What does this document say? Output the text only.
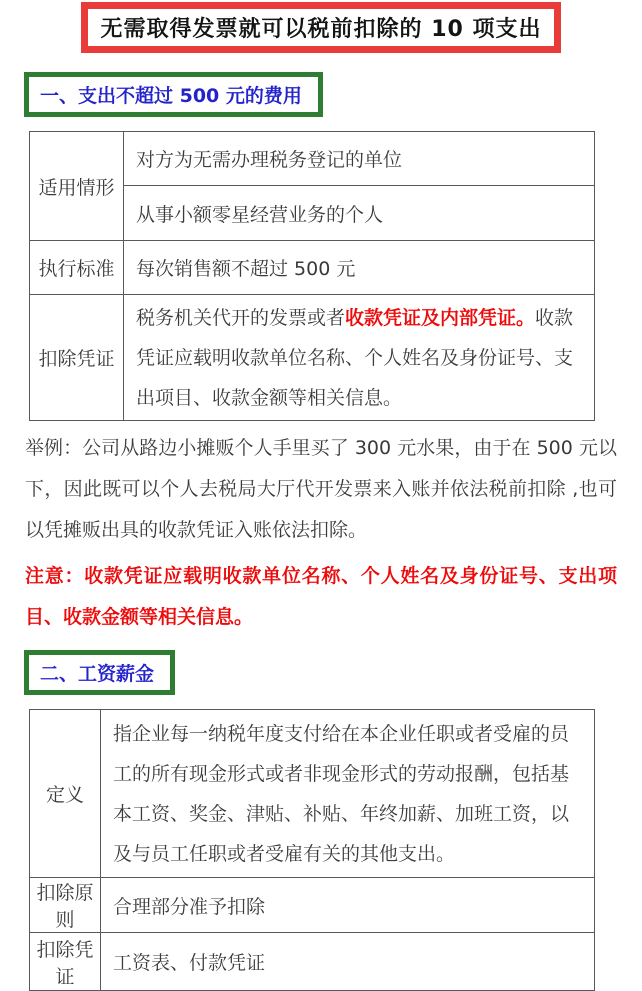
无需取得发票就可以税前扣除的 10 项支出
一、支出不超过 500 元的费用
适用情形	对方为无需办理税务登记的单位
	从事小额零星经营业务的个人
执行标准	每次销售额不超过 500 元
扣除凭证	税务机关代开的发票或者收款凭证及内部凭证。收款凭证应载明收款单位名称、个人姓名及身份证号、支出项目、收款金额等相关信息。

举例：公司从路边小摊贩个人手里买了 300 元水果，由于在 500 元以下，因此既可以个人去税局大厅代开发票来入账并依法税前扣除 ,也可以凭摊贩出具的收款凭证入账依法扣除。

注意：收款凭证应载明收款单位名称、个人姓名及身份证号、支出项目、收款金额等相关信息。

二、工资薪金
定义	指企业每一纳税年度支付给在本企业任职或者受雇的员工的所有现金形式或者非现金形式的劳动报酬，包括基本工资、奖金、津贴、补贴、年终加薪、加班工资，以及与员工任职或者受雇有关的其他支出。
扣除原则	合理部分准予扣除
扣除凭证	工资表、付款凭证
